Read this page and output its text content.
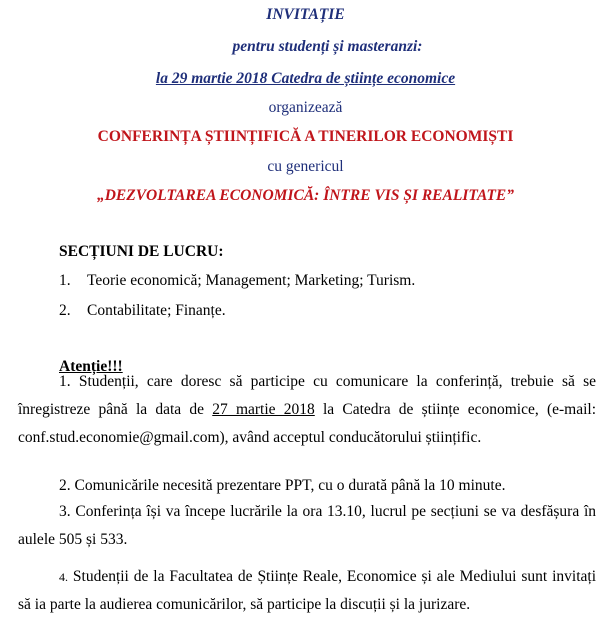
INVITAȚIE
pentru studenți și masteranzi:
la 29 martie 2018 Catedra de științe economice
organizează
CONFERINȚA ȘTIINȚIFICĂ A TINERILOR ECONOMIȘTI
cu genericul
„DEZVOLTAREA ECONOMICĂ: ÎNTRE VIS ȘI REALITATE”
SECȚIUNI DE LUCRU:
1. Teorie economică; Management; Marketing; Turism.
2. Contabilitate; Finanțe.
Atenție!!!
1. Studenții, care doresc să participe cu comunicare la conferință, trebuie să se înregistreze până la data de 27 martie 2018 la Catedra de științe economice, (e-mail: conf.stud.economie@gmail.com), având acceptul conducătorului științific.
2. Comunicările necesită prezentare PPT, cu o durată până la 10 minute.
3. Conferința își va începe lucrările la ora 13.10, lucrul pe secțiuni se va desfășura în aulele 505 și 533.
4. Studenții de la Facultatea de Științe Reale, Economice și ale Mediului sunt invitați să ia parte la audierea comunicărilor, să participe la discuții și la jurizare.
